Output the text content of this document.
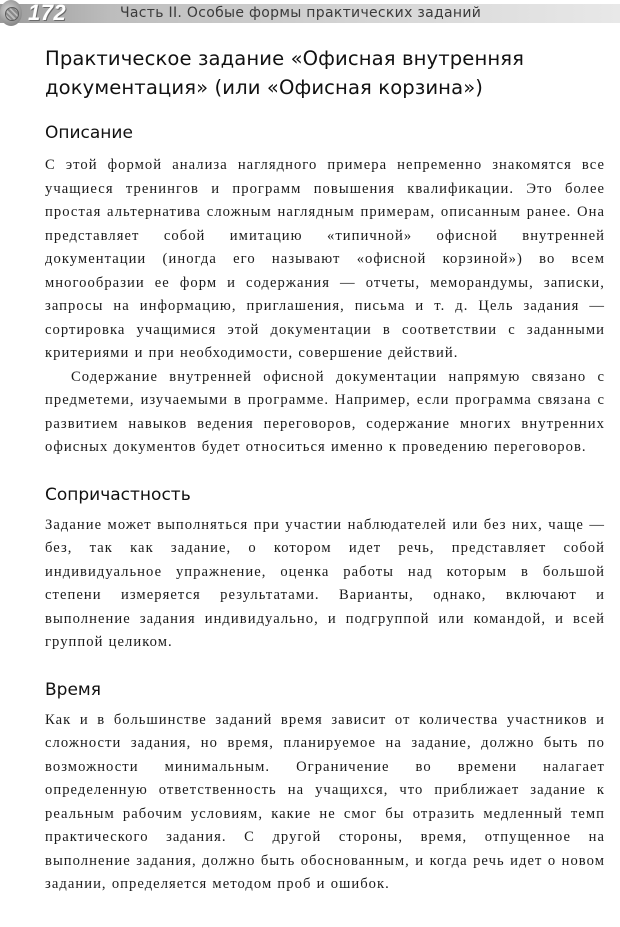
172	Часть II. Особые формы практических заданий
Практическое задание «Офисная внутренняя документация» (или «Офисная корзина»)
Описание

С этой формой анализа наглядного примера непременно знакомятся все учащиеся тренингов и программ повышения квалификации. Это более простая альтернатива сложным наглядным примерам, описанным ранее. Она представляет собой имитацию «типичной» офисной внутренней документации (иногда его называют «офисной корзиной») во всем многообразии ее форм и содержания — отчеты, меморандумы, записки, запросы на информацию, приглашения, письма и т. д. Цель задания — сортировка учащимися этой документации в соответствии с заданными критериями и при необходимости, совершение действий.

Содержание внутренней офисной документации напрямую связано с предметеми, изучаемыми в программе. Например, если программа связана с развитием навыков ведения переговоров, содержание многих внутренних офисных документов будет относиться именно к проведению переговоров.

Сопричастность

Задание может выполняться при участии наблюдателей или без них, чаще — без, так как задание, о котором идет речь, представляет собой индивидуальное упражнение, оценка работы над которым в большой степени измеряется результатами. Варианты, однако, включают и выполнение задания индивидуально, и подгруппой или командой, и всей группой целиком.

Время

Как и в большинстве заданий время зависит от количества участников и сложности задания, но время, планируемое на задание, должно быть по возможности минимальным. Ограничение во времени налагает определенную ответственность на учащихся, что приближает задание к реальным рабочим условиям, какие не смог бы отразить медленный темп практического задания. С другой стороны, время, отпущенное на выполнение задания, должно быть обоснованным, и когда речь идет о новом задании, определяется методом проб и ошибок.
